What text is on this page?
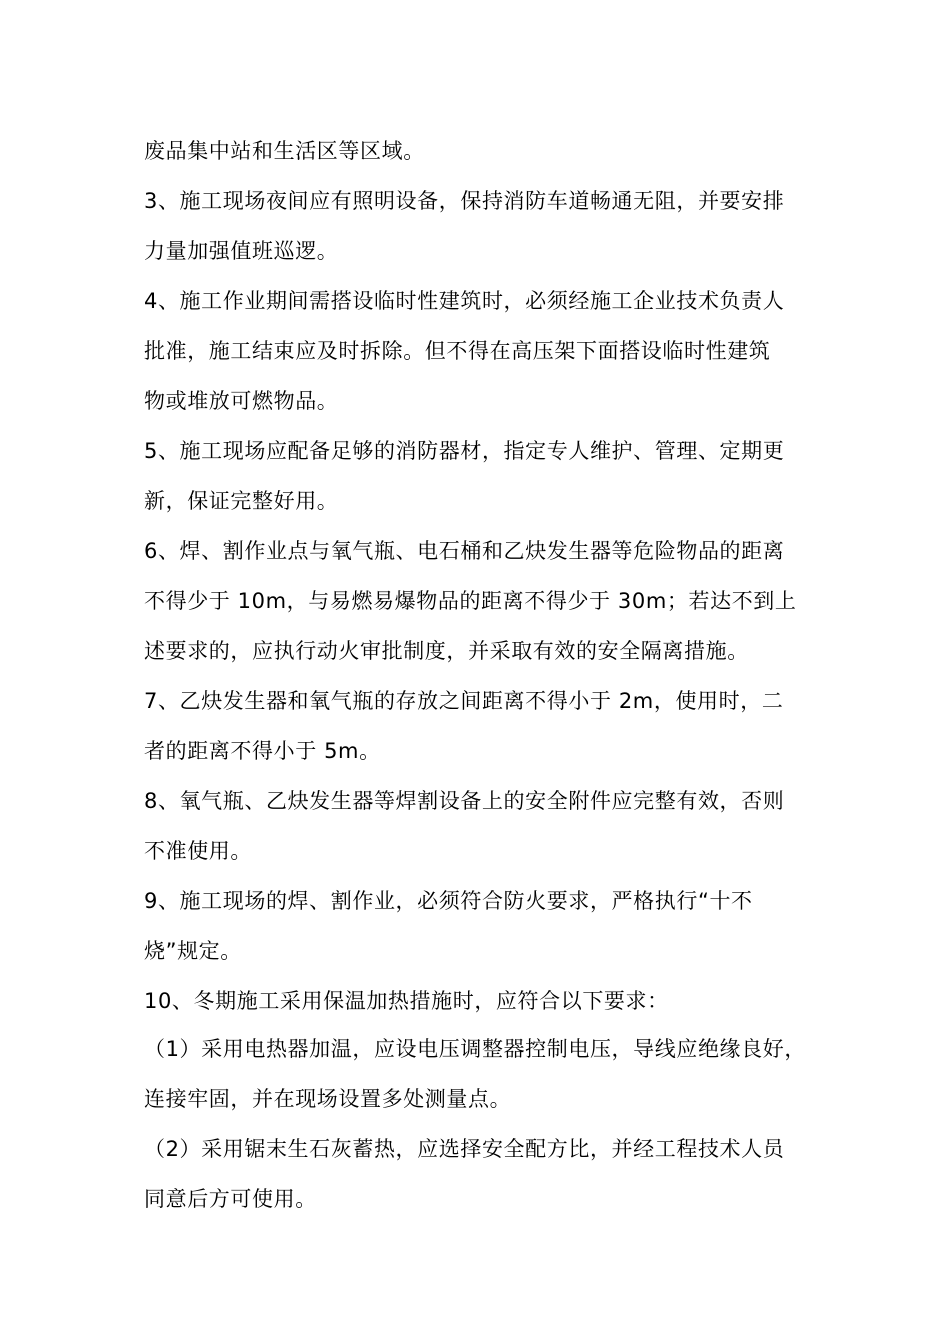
废品集中站和生活区等区域。
3、施工现场夜间应有照明设备，保持消防车道畅通无阻，并要安排
力量加强值班巡逻。
4、施工作业期间需搭设临时性建筑时，必须经施工企业技术负责人
批准，施工结束应及时拆除。但不得在高压架下面搭设临时性建筑
物或堆放可燃物品。
5、施工现场应配备足够的消防器材，指定专人维护、管理、定期更
新，保证完整好用。
6、焊、割作业点与氧气瓶、电石桶和乙炔发生器等危险物品的距离
不得少于 10m，与易燃易爆物品的距离不得少于 30m；若达不到上
述要求的，应执行动火审批制度，并采取有效的安全隔离措施。
7、乙炔发生器和氧气瓶的存放之间距离不得小于 2m，使用时，二
者的距离不得小于 5m。
8、氧气瓶、乙炔发生器等焊割设备上的安全附件应完整有效，否则
不准使用。
9、施工现场的焊、割作业，必须符合防火要求，严格执行“十不
烧”规定。
10、冬期施工采用保温加热措施时，应符合以下要求：
（1）采用电热器加温，应设电压调整器控制电压，导线应绝缘良好，
连接牢固，并在现场设置多处测量点。
（2）采用锯末生石灰蓄热，应选择安全配方比，并经工程技术人员
同意后方可使用。
